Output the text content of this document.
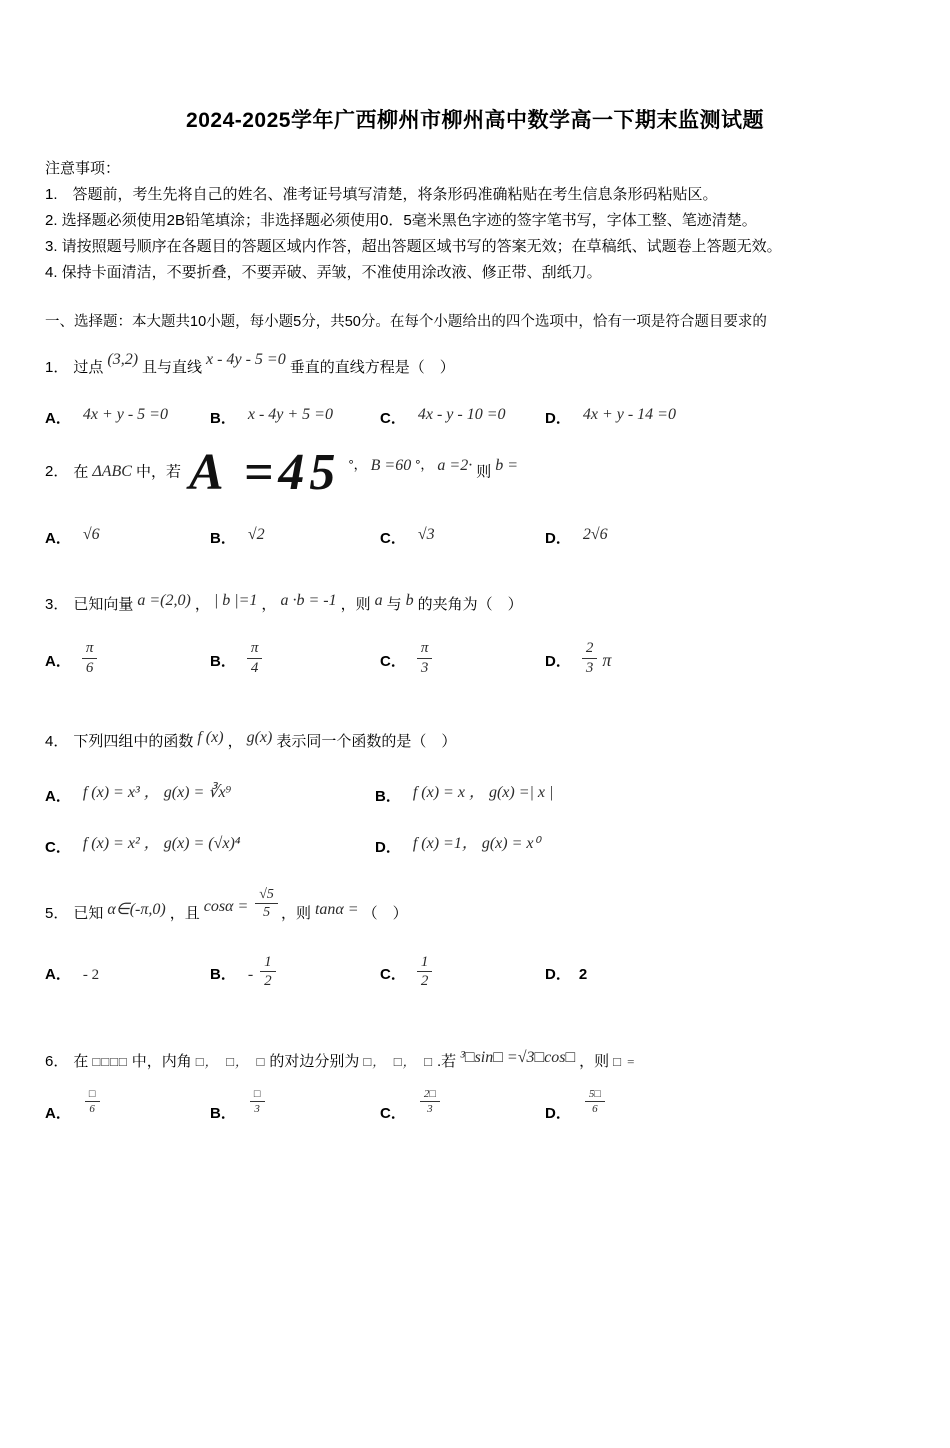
2024-2025学年广西柳州市柳州高中数学高一下期末监测试题
注意事项：
1.　答题前，考生先将自己的姓名、准考证号填写清楚，将条形码准确粘贴在考生信息条形码粘贴区。
2. 选择题必须使用2B铅笔填涂；非选择题必须使用0．5毫米黑色字迹的签字笔书写，字体工整、笔迹清楚。
3. 请按照题号顺序在各题目的答题区域内作答，超出答题区域书写的答案无效；在草稿纸、试题卷上答题无效。
4. 保持卡面清洁，不要折叠，不要弄破、弄皱，不准使用涂改液、修正带、刮纸刀。
一、选择题：本大题共10小题，每小题5分，共50分。在每个小题给出的四个选项中，恰有一项是符合题目要求的
1． 过点 (3,2) 且与直线 x - 4y - 5 =0 垂直的直线方程是（　）
A． 4x + y - 5 =0	B． x - 4y + 5 =0	C． 4x - y - 10 =0	D． 4x + y - 14 =0
2． 在 ΔABC 中，若 A =45 °， B =60 °， a =2· 则 b =
A． √6	B． √2	C． √3	D． 2√6
3． 已知向量 a =(2,0) ， | b |=1 ， a ·b = -1 ，则 a 与 b 的夹角为（　）
A． $\frac{\pi}{6}$	B． $\frac{\pi}{4}$	C． $\frac{\pi}{3}$	D． $\frac{2}{3}$ π
4． 下列四组中的函数 f (x) ， g(x) 表示同一个函数的是（　）
A． f (x) = x³ ， g(x) = ∛x⁹	B． f (x) = x ， g(x) =| x |
C． f (x) = x² ， g(x) = (√x)⁴	D． f (x) =1， g(x) = x⁰
5． 已知 α∈(-π,0) ，且 $\cos\alpha = \frac{√5}{5}$ ，则 tanα = （　）
A． - 2	B． - $\frac{1}{2}$	C． $\frac{1}{2}$	D． 2
6． 在 □□□□ 中，内角 □，　□，　□ 的对边分别为 □，　□，　□ .若 ³□sin□ =√3□cos□ ，则 □ =
A． $\frac{□}{6}$	B． $\frac{□}{3}$	C． $\frac{2□}{3}$	D． $\frac{5□}{6}$
